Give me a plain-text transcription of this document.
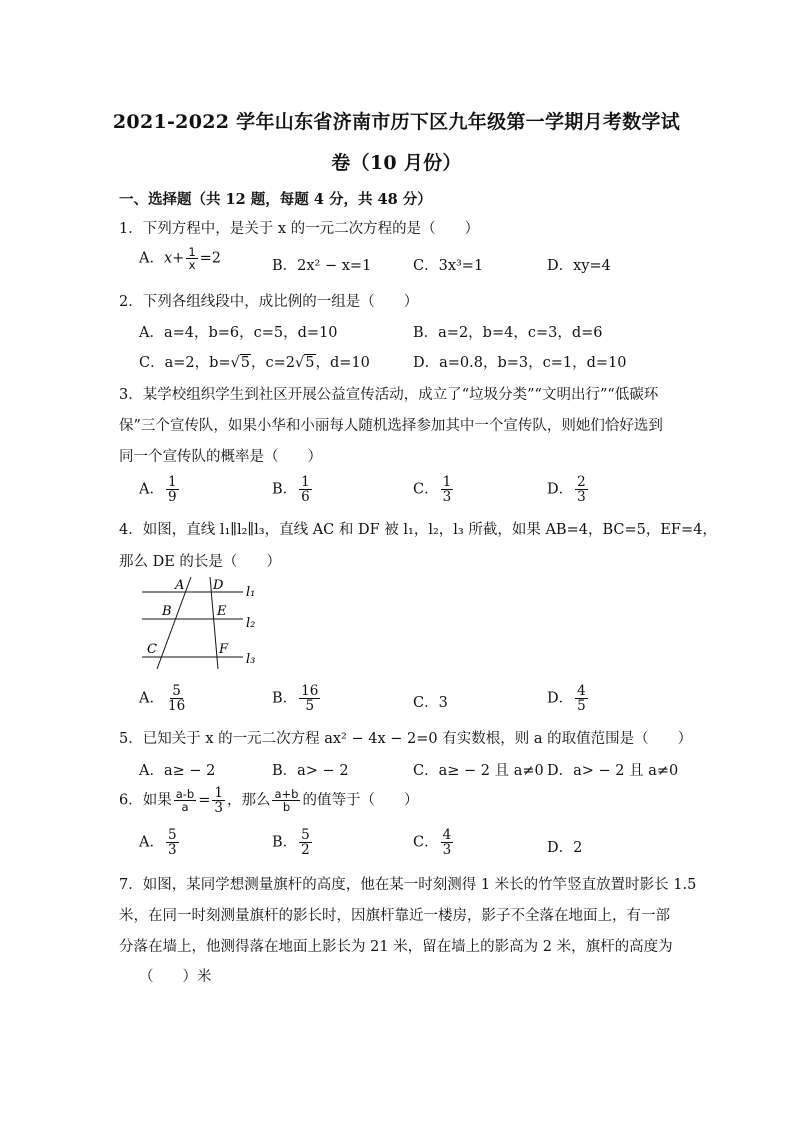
2021-2022 学年山东省济南市历下区九年级第一学期月考数学试
卷（10 月份）
一、选择题（共 12 题，每题 4 分，共 48 分）
1．下列方程中，是关于 x 的一元二次方程的是（　　）
A．$x+ \frac{1}{x} =2$	B．2x² − x=1	C．3x³=1	D．xy=4
2．下列各组线段中，成比例的一组是（　　）
A．a=4，b=6，c=5，d=10	B．a=2，b=4，c=3，d=6
C．a=2，b=√5，c=2√5，d=10	D．a=0.8，b=3，c=1，d=10
3．某学校组织学生到社区开展公益宣传活动，成立了“垃圾分类”“文明出行”“低碳环
保”三个宣传队，如果小华和小丽每人随机选择参加其中一个宣传队，则她们恰好选到
同一个宣传队的概率是（　　）
A． $\frac{1}{9}$	B． $\frac{1}{6}$	C． $\frac{1}{3}$	D． $\frac{2}{3}$
4．如图，直线 l₁∥l₂∥l₃，直线 AC 和 DF 被 l₁，l₂，l₃ 所截，如果 AB=4，BC=5，EF=4，
那么 DE 的长是（　　）
A D
B	E
C	F
l₁
l₂
l₃
A． $\frac{5}{16}$	B． $\frac{16}{5}$	C．3	D． $\frac{4}{5}$
5．已知关于 x 的一元二次方程 ax² − 4x − 2=0 有实数根，则 a 的取值范围是（　　）
A．a≥ − 2	B．a> − 2	C．a≥ − 2 且 a≠0 D．a> − 2 且 a≠0
6．如果 $\frac{a-b}{a} = \frac{1}{3}$ ，那么 $\frac{a+b}{b}$ 的值等于（　　）
A． $\frac{5}{3}$	B． $\frac{5}{2}$	C． $\frac{4}{3}$	D．2
7．如图，某同学想测量旗杆的高度，他在某一时刻测得 1 米长的竹竿竖直放置时影长 1.5
米，在同一时刻测量旗杆的影长时，因旗杆靠近一楼房，影子不全落在地面上，有一部
分落在墙上，他测得落在地面上影长为 21 米，留在墙上的影高为 2 米，旗杆的高度为
（　　）米
